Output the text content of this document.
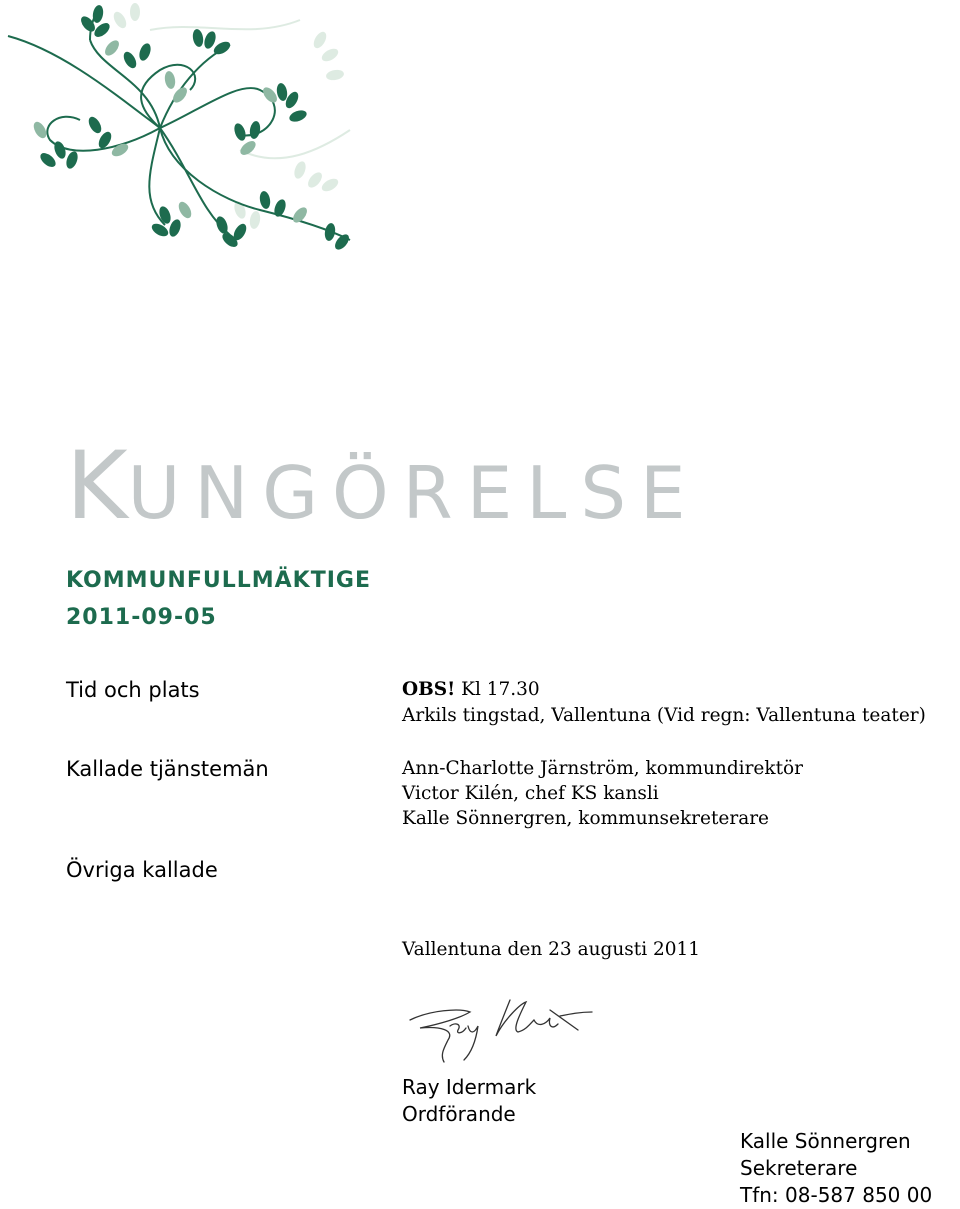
KUNGÖRELSE
KOMMUNFULLMÄKTIGE
2011-09-05
Tid och plats	OBS! Kl 17.30
Arkils tingstad, Vallentuna (Vid regn: Vallentuna teater)
Kallade tjänstemän	Ann-Charlotte Järnström, kommundirektör
Victor Kilén, chef KS kansli
Kalle Sönnergren, kommunsekreterare
Övriga kallade
Vallentuna den 23 augusti 2011
Ray Idermark
Ordförande
Kalle Sönnergren
Sekreterare
Tfn: 08-587 850 00
